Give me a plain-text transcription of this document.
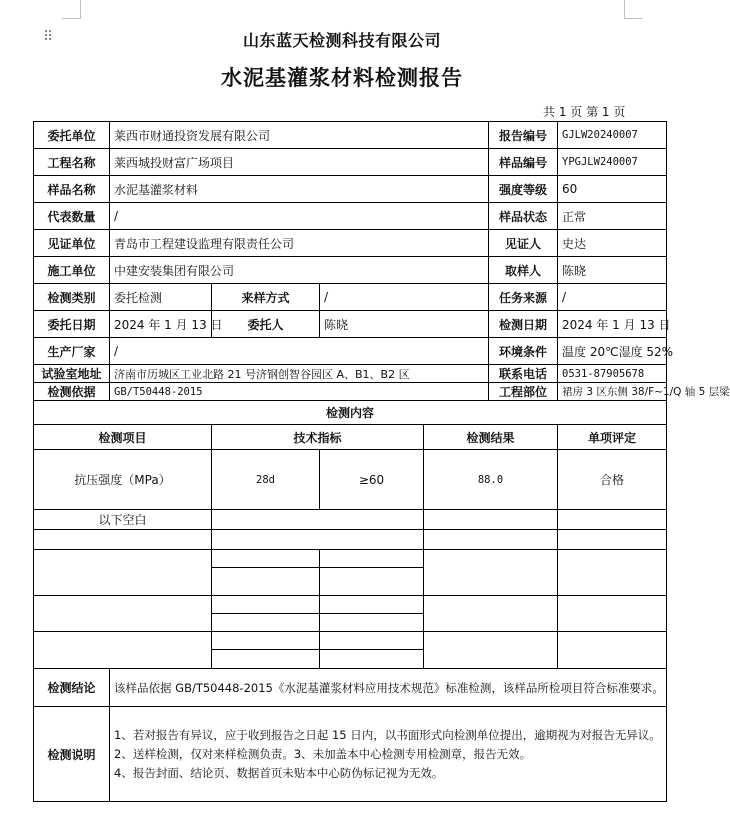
⠿	山东蓝天检测科技有限公司
水泥基灌浆材料检测报告
共 1 页 第 1 页
委托单位	莱西市财通投资发展有限公司				报告编号	GJLW20240007
工程名称	莱西城投财富广场项目				样品编号	YPGJLW240007
样品名称	水泥基灌浆材料				强度等级	60
代表数量	/				样品状态	正常
见证单位	青岛市工程建设监理有限责任公司				见证人	史达
施工单位	中建安装集团有限公司				取样人	陈晓
检测类别	委托检测	来样方式	/		任务来源	/
委托日期	2024 年 1 月 13 日	委托人	陈晓		检测日期	2024 年 1 月 13 日
生产厂家	/				环境条件	温度 20℃湿度 52%
试验室地址	济南市历城区工业北路 21 号济钢创智谷园区 A、B1、B2 区				联系电话	0531-87905678
检测依据	GB/T50448-2015				工程部位	裙房 3 区东侧 38/F~1/Q 轴 5 层梁
检测内容						
检测项目		技术指标		检测结果		单项评定
抗压强度（MPa）		28d	≥60	88.0		合格
以下空白						

检测结论	该样品依据 GB/T50448-2015《水泥基灌浆材料应用技术规范》标准检测，该样品所检项目符合标准要求。					
检测说明	1、若对报告有异议，应于收到报告之日起 15 日内，以书面形式向检测单位提出，逾期视为对报告无异议。
2、送样检测，仅对来样检测负责。3、未加盖本中心检测专用检测章，报告无效。
4、报告封面、结论页、数据首页未贴本中心防伪标记视为无效。					
